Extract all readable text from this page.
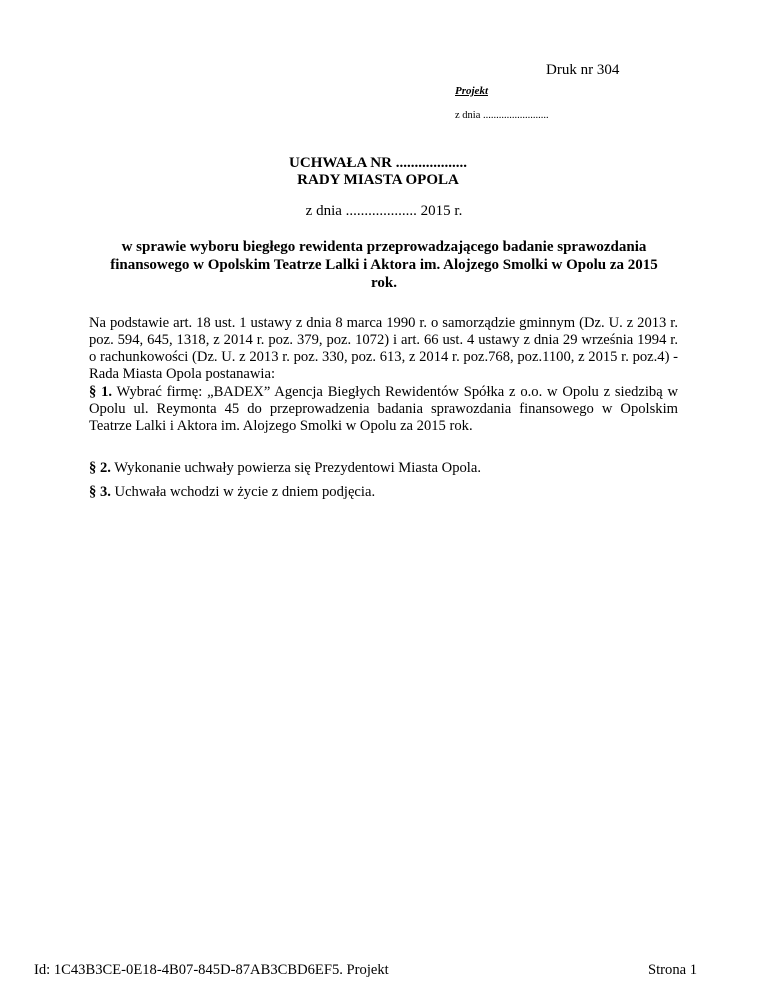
Druk nr 304
Projekt
z dnia .........................
UCHWAŁA NR ...................
RADY MIASTA OPOLA
z dnia ................... 2015 r.
w sprawie wyboru biegłego rewidenta przeprowadzającego badanie sprawozdania finansowego w Opolskim Teatrze Lalki i Aktora im. Alojzego Smolki w Opolu za 2015 rok.
Na podstawie art. 18 ust. 1 ustawy z dnia 8 marca 1990 r. o samorządzie gminnym (Dz. U. z 2013 r. poz. 594, 645, 1318, z 2014 r. poz. 379, poz. 1072) i art. 66 ust. 4 ustawy z dnia 29 września 1994 r. o rachunkowości (Dz. U. z 2013 r. poz. 330, poz. 613, z 2014 r. poz.768, poz.1100, z 2015 r. poz.4) - Rada Miasta Opola postanawia:
§ 1. Wybrać firmę: „BADEX” Agencja Biegłych Rewidentów Spółka z o.o. w Opolu z siedzibą w Opolu ul. Reymonta 45 do przeprowadzenia badania sprawozdania finansowego w Opolskim Teatrze Lalki i Aktora im. Alojzego Smolki w Opolu za 2015 rok.
§ 2. Wykonanie uchwały powierza się Prezydentowi Miasta Opola.
§ 3. Uchwała wchodzi w życie z dniem podjęcia.
Id: 1C43B3CE-0E18-4B07-845D-87AB3CBD6EF5. Projekt	Strona 1
